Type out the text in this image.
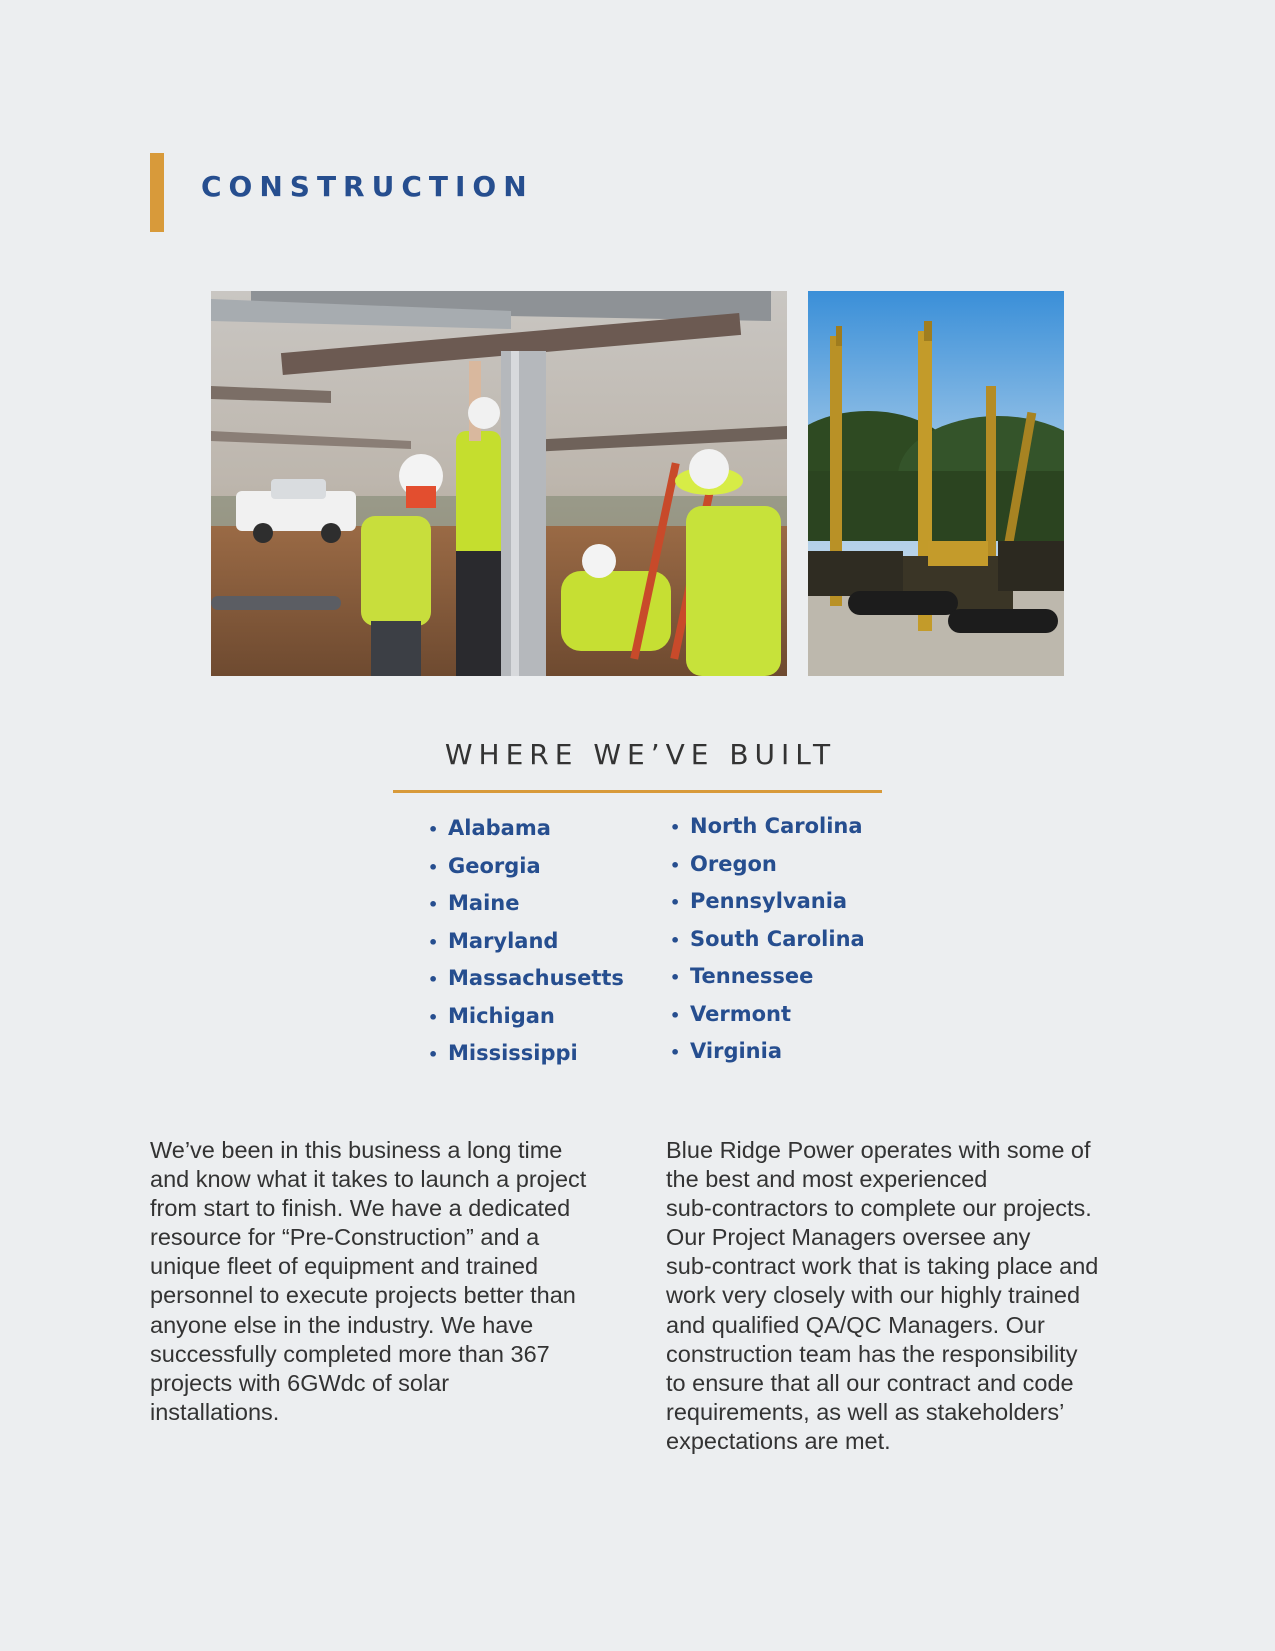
CONSTRUCTION
WHERE WE’VE BUILT
• Alabama
• Georgia
• Maine
• Maryland
• Massachusetts
• Michigan
• Mississippi
• North Carolina
• Oregon
• Pennsylvania
• South Carolina
• Tennessee
• Vermont
• Virginia
We’ve been in this business a long time
and know what it takes to launch a project
from start to finish. We have a dedicated
resource for “Pre-Construction” and a
unique fleet of equipment and trained
personnel to execute projects better than
anyone else in the industry. We have
successfully completed more than 367
projects with 6GWdc of solar
installations.
Blue Ridge Power operates with some of
the best and most experienced
sub-contractors to complete our projects.
Our Project Managers oversee any
sub-contract work that is taking place and
work very closely with our highly trained
and qualified QA/QC Managers. Our
construction team has the responsibility
to ensure that all our contract and code
requirements, as well as stakeholders’
expectations are met.
